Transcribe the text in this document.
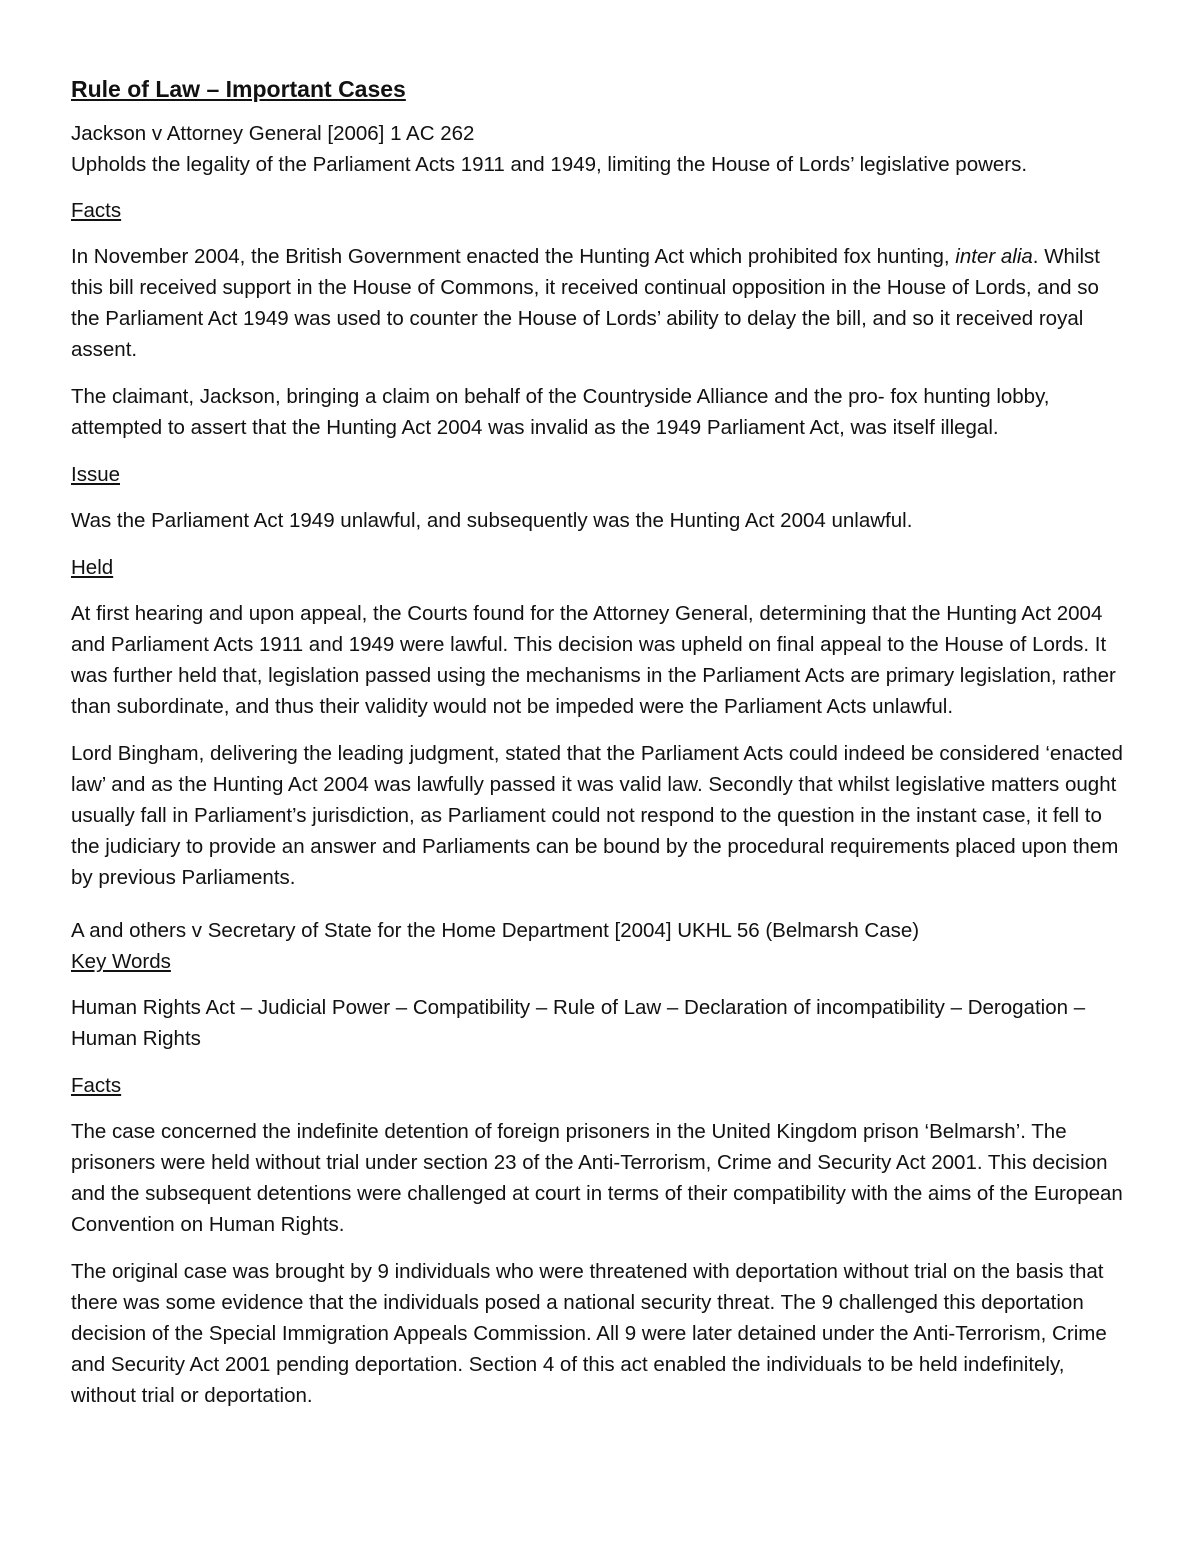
Rule of Law – Important Cases
Jackson v Attorney General [2006] 1 AC 262
Upholds the legality of the Parliament Acts 1911 and 1949, limiting the House of Lords’ legislative powers.
Facts

In November 2004, the British Government enacted the Hunting Act which prohibited fox hunting, inter alia. Whilst this bill received support in the House of Commons, it received continual opposition in the House of Lords, and so the Parliament Act 1949 was used to counter the House of Lords’ ability to delay the bill, and so it received royal assent.

The claimant, Jackson, bringing a claim on behalf of the Countryside Alliance and the pro- fox hunting lobby, attempted to assert that the Hunting Act 2004 was invalid as the 1949 Parliament Act, was itself illegal.

Issue

Was the Parliament Act 1949 unlawful, and subsequently was the Hunting Act 2004 unlawful.

Held

At first hearing and upon appeal, the Courts found for the Attorney General, determining that the Hunting Act 2004 and Parliament Acts 1911 and 1949 were lawful. This decision was upheld on final appeal to the House of Lords. It was further held that, legislation passed using the mechanisms in the Parliament Acts are primary legislation, rather than subordinate, and thus their validity would not be impeded were the Parliament Acts unlawful.

Lord Bingham, delivering the leading judgment, stated that the Parliament Acts could indeed be considered ‘enacted law’ and as the Hunting Act 2004 was lawfully passed it was valid law. Secondly that whilst legislative matters ought usually fall in Parliament’s jurisdiction, as Parliament could not respond to the question in the instant case, it fell to the judiciary to provide an answer and Parliaments can be bound by the procedural requirements placed upon them by previous Parliaments.

A and others v Secretary of State for the Home Department [2004] UKHL 56 (Belmarsh Case)
Key Words

Human Rights Act – Judicial Power – Compatibility – Rule of Law – Declaration of incompatibility – Derogation – Human Rights

Facts

The case concerned the indefinite detention of foreign prisoners in the United Kingdom prison ‘Belmarsh’. The prisoners were held without trial under section 23 of the Anti-Terrorism, Crime and Security Act 2001. This decision and the subsequent detentions were challenged at court in terms of their compatibility with the aims of the European Convention on Human Rights.

The original case was brought by 9 individuals who were threatened with deportation without trial on the basis that there was some evidence that the individuals posed a national security threat. The 9 challenged this deportation decision of the Special Immigration Appeals Commission. All 9 were later detained under the Anti-Terrorism, Crime and Security Act 2001 pending deportation. Section 4 of this act enabled the individuals to be held indefinitely, without trial or deportation.
